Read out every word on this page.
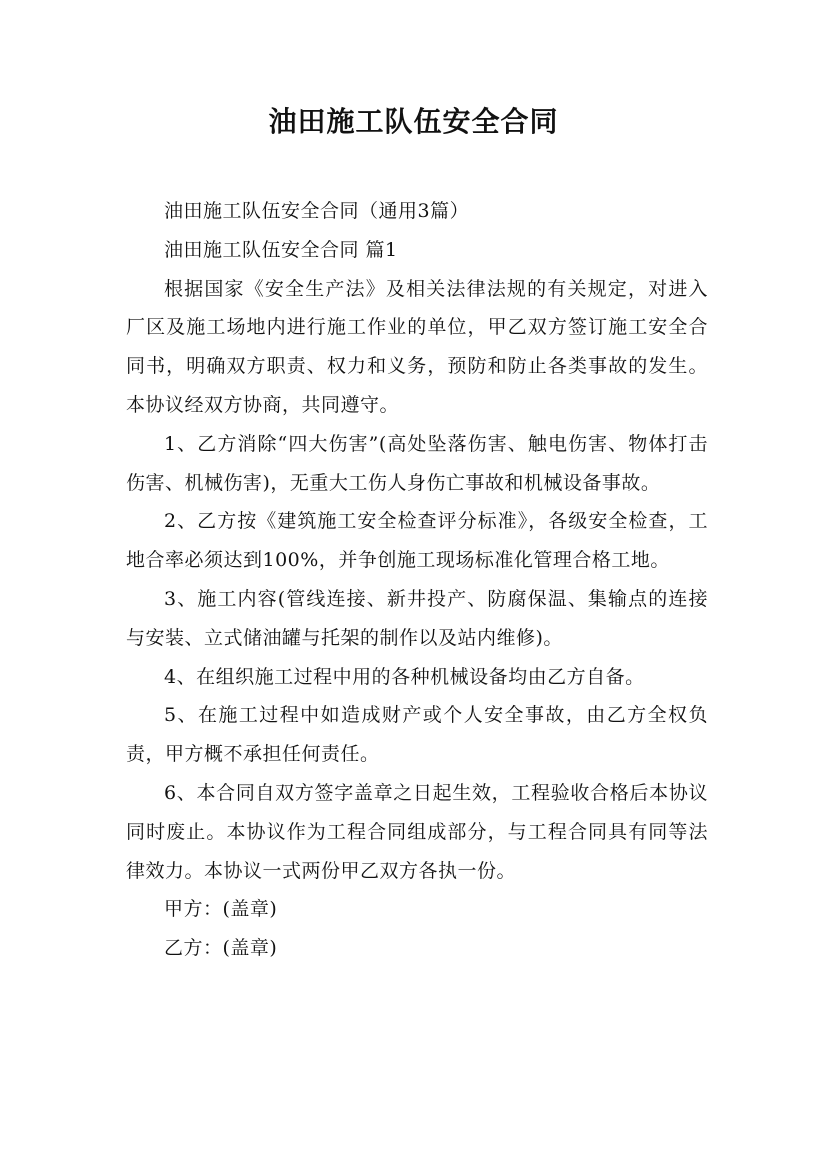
油田施工队伍安全合同

油田施工队伍安全合同（通用3篇）

油田施工队伍安全合同 篇1

根据国家《安全生产法》及相关法律法规的有关规定，对进入厂区及施工场地内进行施工作业的单位，甲乙双方签订施工安全合同书，明确双方职责、权力和义务，预防和防止各类事故的发生。本协议经双方协商，共同遵守。

1、乙方消除“四大伤害”(高处坠落伤害、触电伤害、物体打击伤害、机械伤害)，无重大工伤人身伤亡事故和机械设备事故。

2、乙方按《建筑施工安全检查评分标准》，各级安全检查，工地合率必须达到100%，并争创施工现场标准化管理合格工地。

3、施工内容(管线连接、新井投产、防腐保温、集输点的连接与安装、立式储油罐与托架的制作以及站内维修)。

4、在组织施工过程中用的各种机械设备均由乙方自备。

5、在施工过程中如造成财产或个人安全事故，由乙方全权负责，甲方概不承担任何责任。

6、本合同自双方签字盖章之日起生效，工程验收合格后本协议同时废止。本协议作为工程合同组成部分，与工程合同具有同等法律效力。本协议一式两份甲乙双方各执一份。

甲方：(盖章)

乙方：(盖章)
